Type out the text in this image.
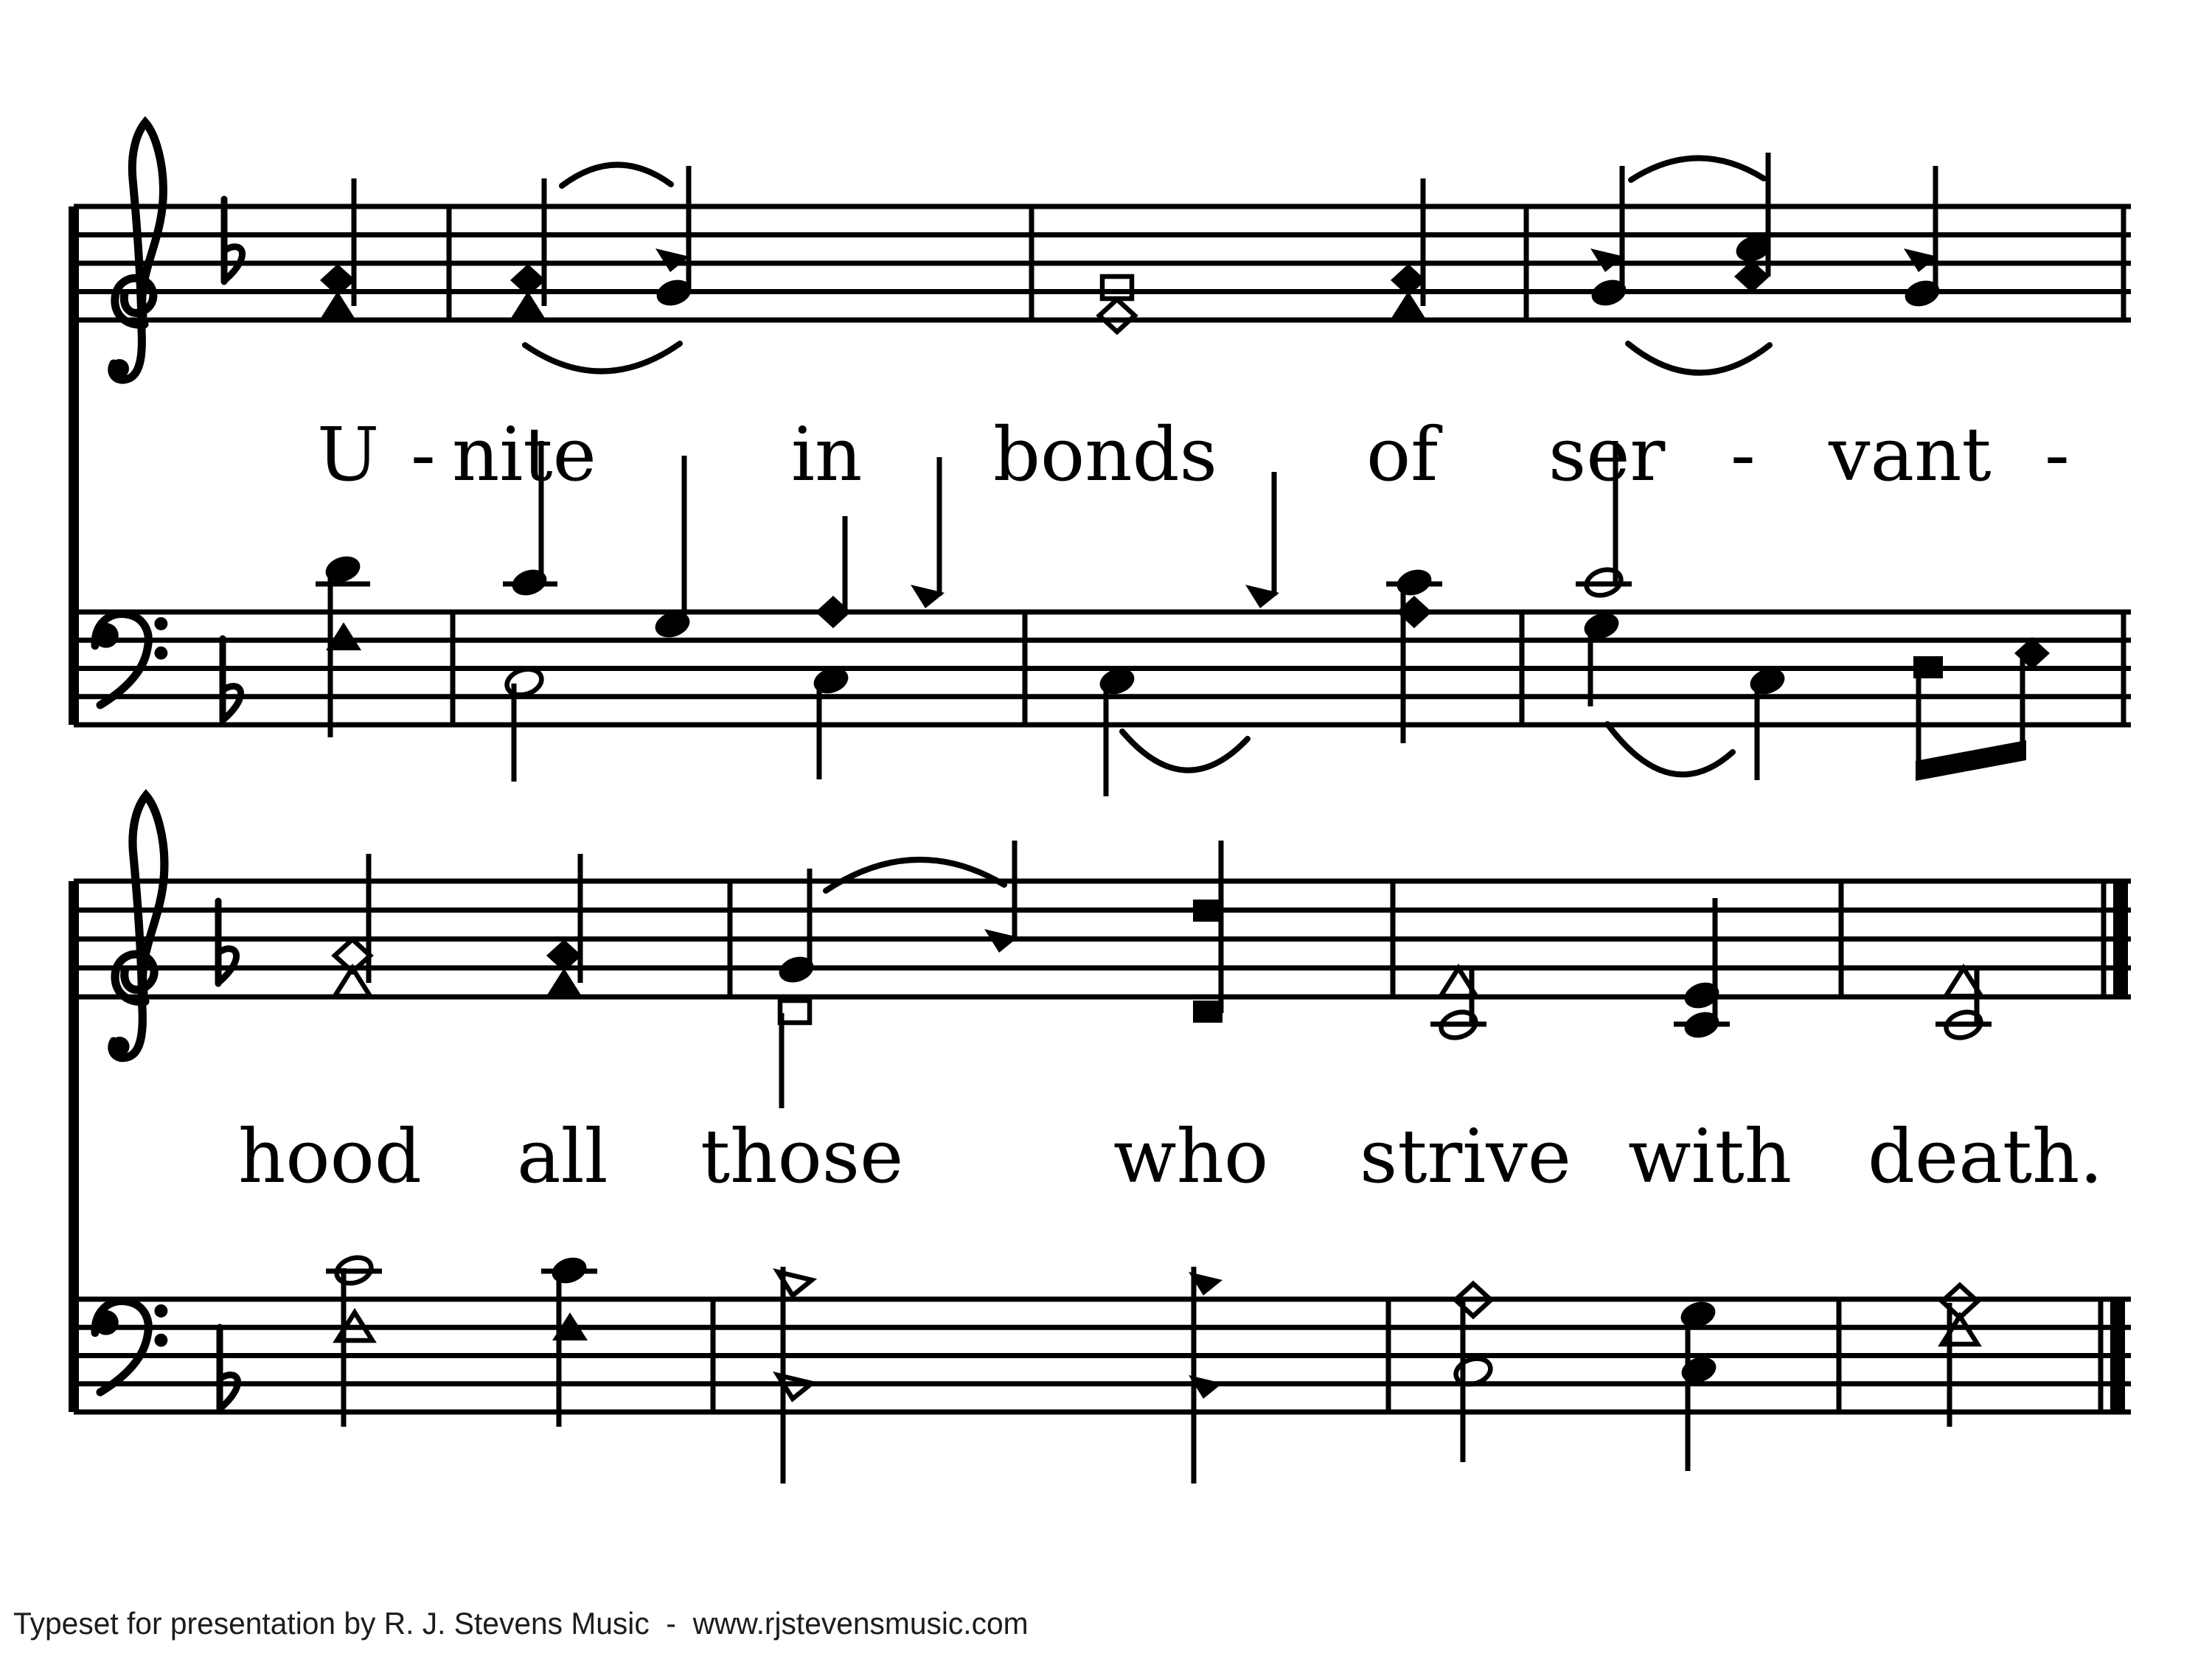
U - nite	in bonds of ser - vant -
hood all those	who strive with death.
Typeset for presentation by R. J. Stevens Music  -  www.rjstevensmusic.com
